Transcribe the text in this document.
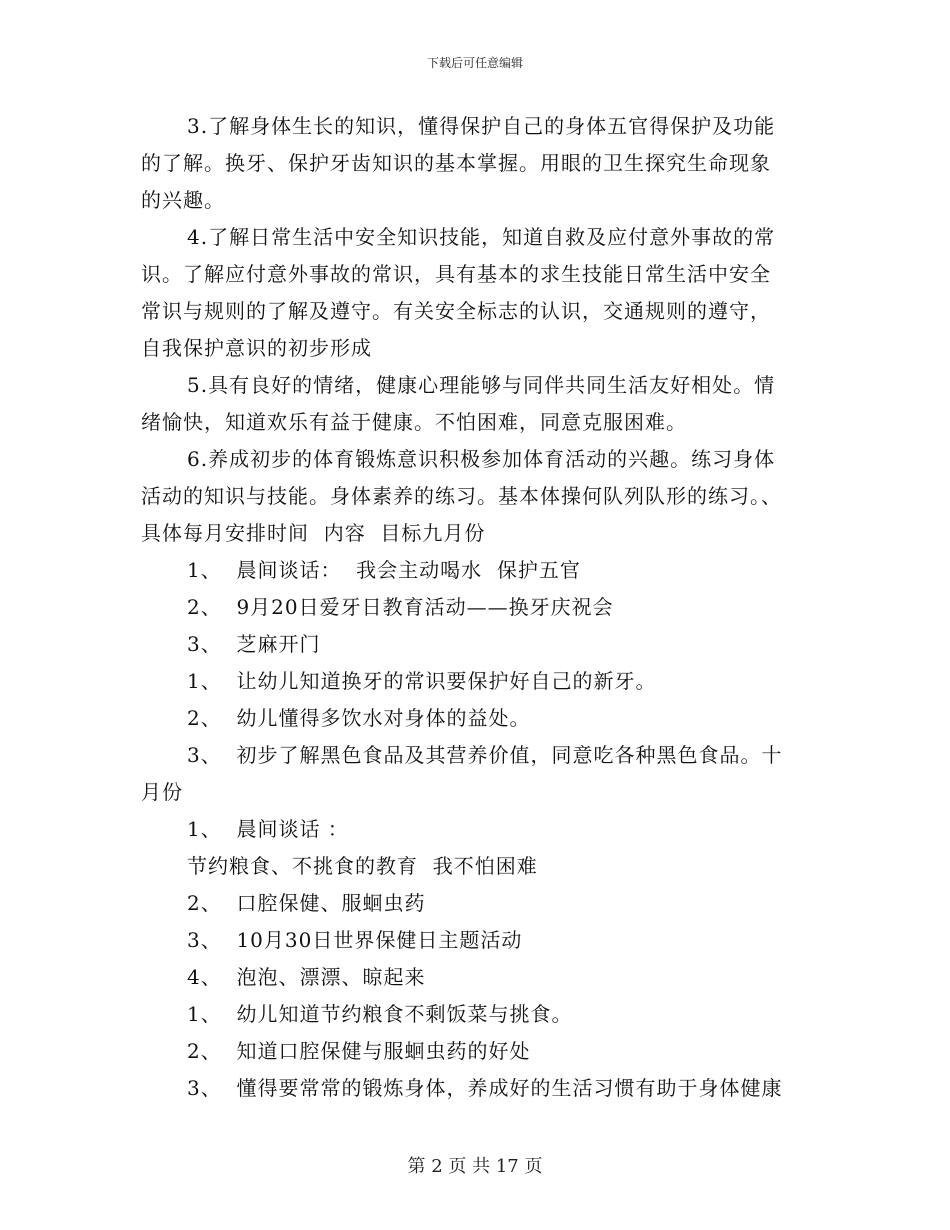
下载后可任意编辑
3.了解身体生长的知识，懂得保护自己的身体五官得保护及功能
的了解。换牙、保护牙齿知识的基本掌握。用眼的卫生探究生命现象
的兴趣。
4.了解日常生活中安全知识技能，知道自救及应付意外事故的常
识。了解应付意外事故的常识，具有基本的求生技能日常生活中安全
常识与规则的了解及遵守。有关安全标志的认识，交通规则的遵守，
自我保护意识的初步形成
5.具有良好的情绪，健康心理能够与同伴共同生活友好相处。情
绪愉快，知道欢乐有益于健康。不怕困难，同意克服困难。
6.养成初步的体育锻炼意识积极参加体育活动的兴趣。练习身体
活动的知识与技能。身体素养的练习。基本体操何队列队形的练习。、
具体每月安排时间  内容  目标九月份
1、  晨间谈话：  我会主动喝水  保护五官
2、  9月20日爱牙日教育活动——换牙庆祝会
3、  芝麻开门
1、  让幼儿知道换牙的常识要保护好自己的新牙。
2、  幼儿懂得多饮水对身体的益处。
3、  初步了解黑色食品及其营养价值，同意吃各种黑色食品。十
月份
1、  晨间谈话 ：
节约粮食、不挑食的教育  我不怕困难
2、  口腔保健、服蛔虫药
3、  10月30日世界保健日主题活动
4、  泡泡、漂漂、晾起来
1、  幼儿知道节约粮食不剩饭菜与挑食。
2、  知道口腔保健与服蛔虫药的好处
3、  懂得要常常的锻炼身体，养成好的生活习惯有助于身体健康
第 2 页 共 17 页
